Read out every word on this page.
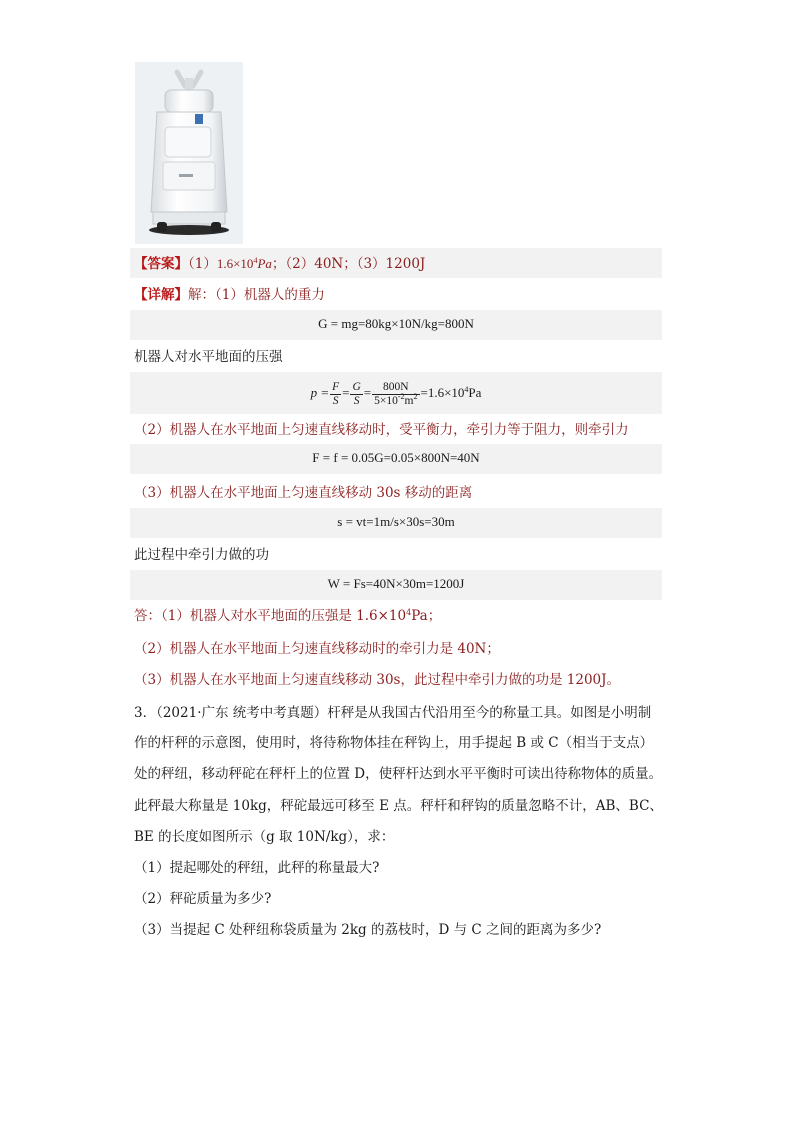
【答案】$(1)1.6\times 10^4Pa$；（2）40N；（3）1200J
【详解】解：（1）机器人的重力
G = mg=80kg×10N/kg=800N
机器人对水平地面的压强
$p = \frac{F}{S} = \frac{G}{S} = \frac{800N}{5\times 10^{-2}m^2} =1.6\times 10^4Pa$
（2）机器人在水平地面上匀速直线移动时，受平衡力，牵引力等于阻力，则牵引力
F = f = 0.05G=0.05×800N=40N
（3）机器人在水平地面上匀速直线移动 30s 移动的距离
s = vt=1m/s×30s=30m
此过程中牵引力做的功
W = Fs=40N×30m=1200J
答：（1）机器人对水平地面的压强是 $1.6\times 10^4Pa$；
（2）机器人在水平地面上匀速直线移动时的牵引力是 40N；
（3）机器人在水平地面上匀速直线移动 30s，此过程中牵引力做的功是 1200J。
3．（2021·广东 统考中考真题）杆秤是从我国古代沿用至今的称量工具。如图是小明制
作的杆秤的示意图，使用时，将待称物体挂在秤钩上，用手提起 B 或 C（相当于支点）
处的秤纽，移动秤砣在秤杆上的位置 D，使秤杆达到水平平衡时可读出待称物体的质量。
此秤最大称量是 10kg，秤砣最远可移至 E 点。秤杆和秤钩的质量忽略不计，AB、BC、
BE 的长度如图所示（g 取 10N/kg），求：
（1）提起哪处的秤纽，此秤的称量最大?
（2）秤砣质量为多少?
（3）当提起 C 处秤纽称袋质量为 2kg 的荔枝时，D 与 C 之间的距离为多少?
